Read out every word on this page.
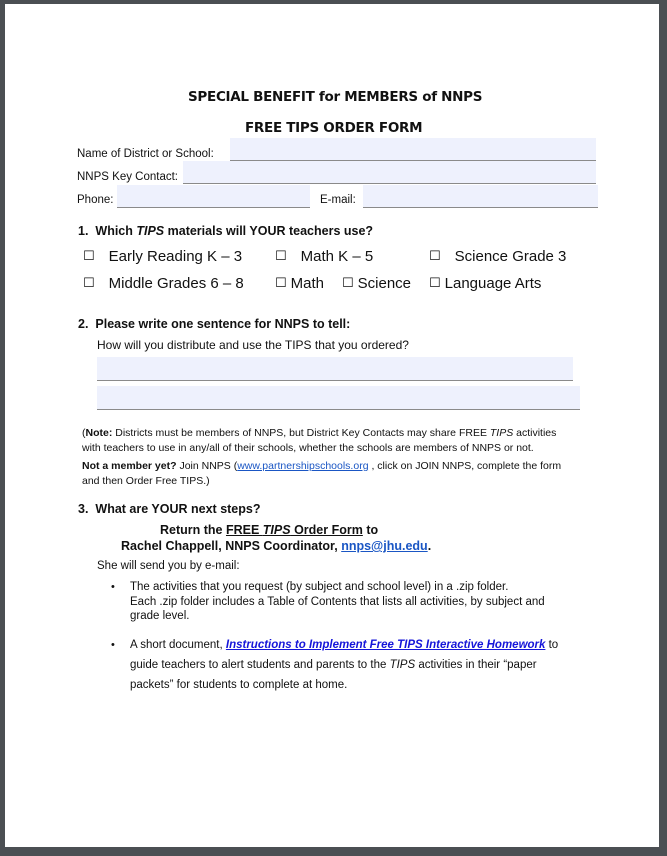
SPECIAL BENEFIT for MEMBERS of NNPS
FREE TIPS ORDER FORM
Name of District or School:
NNPS Key Contact:
Phone:	E-mail:
1. Which TIPS materials will YOUR teachers use?
☐ Early Reading K – 3	☐ Math K – 5	☐ Science Grade 3
☐ Middle Grades 6 – 8 ☐ Math ☐ Science ☐ Language Arts
2. Please write one sentence for NNPS to tell:
How will you distribute and use the TIPS that you ordered?
(Note: Districts must be members of NNPS, but District Key Contacts may share FREE TIPS activities
with teachers to use in any/all of their schools, whether the schools are members of NNPS or not.
Not a member yet? Join NNPS (www.partnershipschools.org , click on JOIN NNPS, complete the form
and then Order Free TIPS.)
3. What are YOUR next steps?
Return the FREE TIPS Order Form to
Rachel Chappell, NNPS Coordinator, nnps@jhu.edu.
She will send you by e-mail:
• The activities that you request (by subject and school level) in a .zip folder.
Each .zip folder includes a Table of Contents that lists all activities, by subject and
grade level.
• A short document, Instructions to Implement Free TIPS Interactive Homework to
guide teachers to alert students and parents to the TIPS activities in their “paper
packets” for students to complete at home.
